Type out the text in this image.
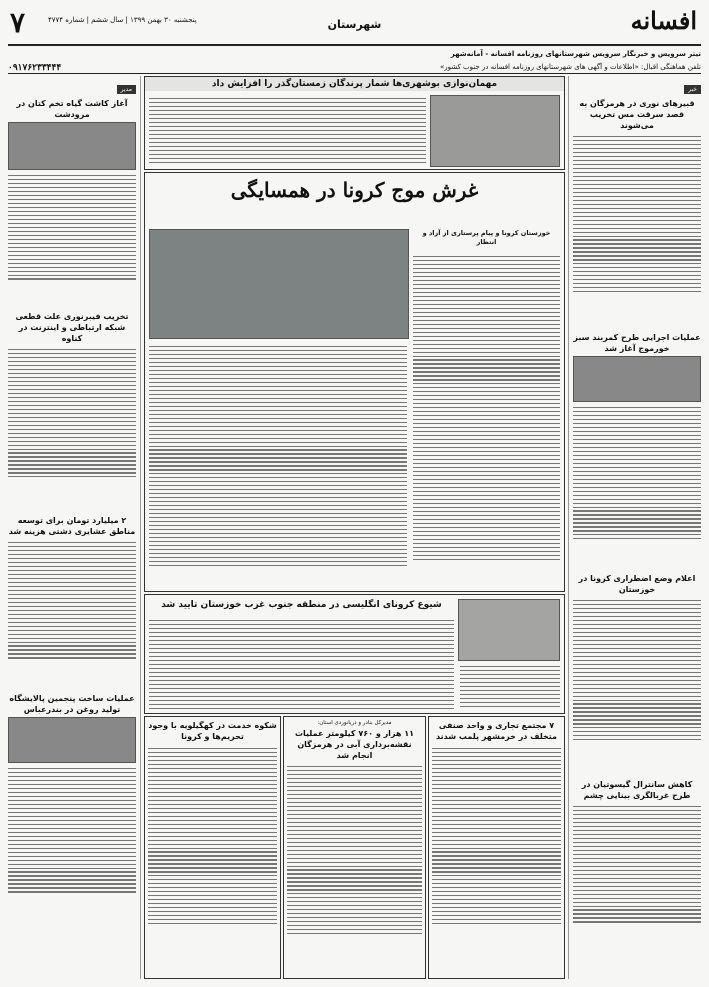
افسانه
شهرستان
۷	پنجشنبه ۳۰ بهمن ۱۳۹۹ | سال ششم | شماره ۴۷۷۴
تیتر سرویس و خبرنگار سرویس شهرستانهای روزنامه افسانه - آمانه‌شهر
تلفن هماهنگی اقبال: «اطلاعات و آگهی های شهرستانهای روزنامه افسانه در جنوب کشور»
۰۹۱۷۶۲۳۳۴۴۴
خبر
قبیرهای نوری در هرمزگان به قصد سرقت مس تخریب می‌شوند
عملیات اجرایی طرح کمربند سبز خورموج آغاز شد
اعلام وضع اضطراری کرونا در خوزستان
کاهش سانترال گیسوتیان در طرح غربالگری بینایی چشم
مدیر
آغاز کاشت گیاه تخم کتان در مرودشت
تخریب فیبرنوری علت قطعی شبکه ارتباطی و اینترنت در کناوه
۲ میلیارد تومان برای توسعه مناطق عشایری دشتی هزینه شد
عملیات ساخت پنجمین پالایشگاه تولید روغن در بندرعباس
مهمان‌نوازی بوشهری‌ها شمار پرندگان زمستان‌گذر را افزایش داد
غرش موج کرونا در همسایگی
خوزستان کرونا و پیام پرستاری از آزاد و انتظار
شیوع کرونای انگلیسی در منطقه جنوب غرب خوزستان تایید شد
۷ مجتمع تجاری و واحد صنفی متخلف در خرمشهر پلمب شدند
مدیرکل بنادر و دریانوردی استان:
۱۱ هزار و ۷۶۰ کیلومتر عملیات نقشه‌برداری آبی در هرمزگان انجام شد
شکوه خدمت در کهگیلویه با وجود تحریم‌ها و کرونا
